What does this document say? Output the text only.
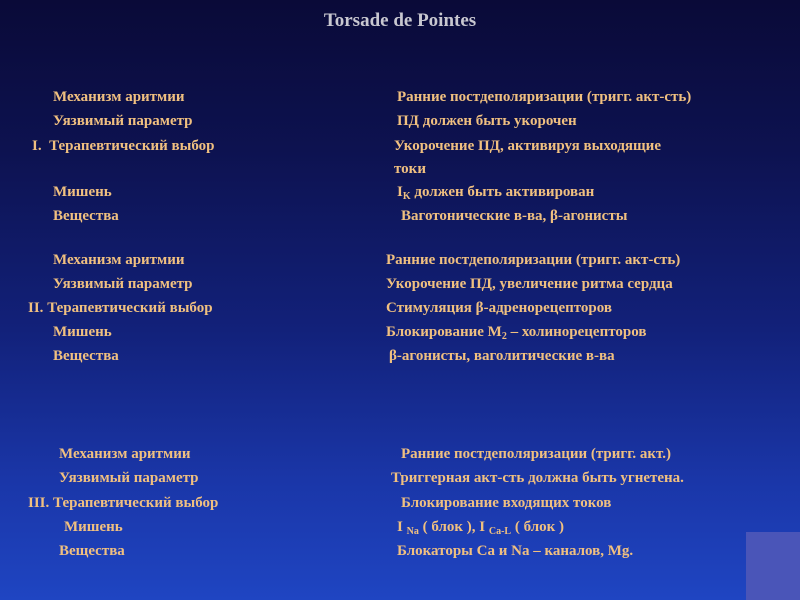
Torsade de Pointes
Механизм аритмии
Уязвимый параметр
I. Терапевтический выбор
Мишень
Вещества
Ранние постдеполяризации (тригг. акт-сть)
ПД должен быть укорочен
Укорочение ПД, активируя выходящие
токи
$I_K$ должен быть активирован
Ваготонические в-ва, β-агонисты
Механизм аритмии
Уязвимый параметр
II. Терапевтический выбор
Мишень
Вещества
Ранние постдеполяризации (тригг. акт-сть)
Укорочение ПД, увеличение ритма сердца
Стимуляция β-адренорецепторов
Блокирование $М_2$ – холинорецепторов
β-агонисты, ваголитические в-ва
Механизм аритмии
Уязвимый параметр
III. Терапевтический выбор
Мишень
Вещества
Ранние постдеполяризации (тригг. акт.)
Триггерная акт-сть должна быть угнетена.
Блокирование входящих токов
I $_{Na}$ ( блок ), I $_{Ca-L}$ ( блок )
Блокаторы Са и Na – каналов, Mg.
